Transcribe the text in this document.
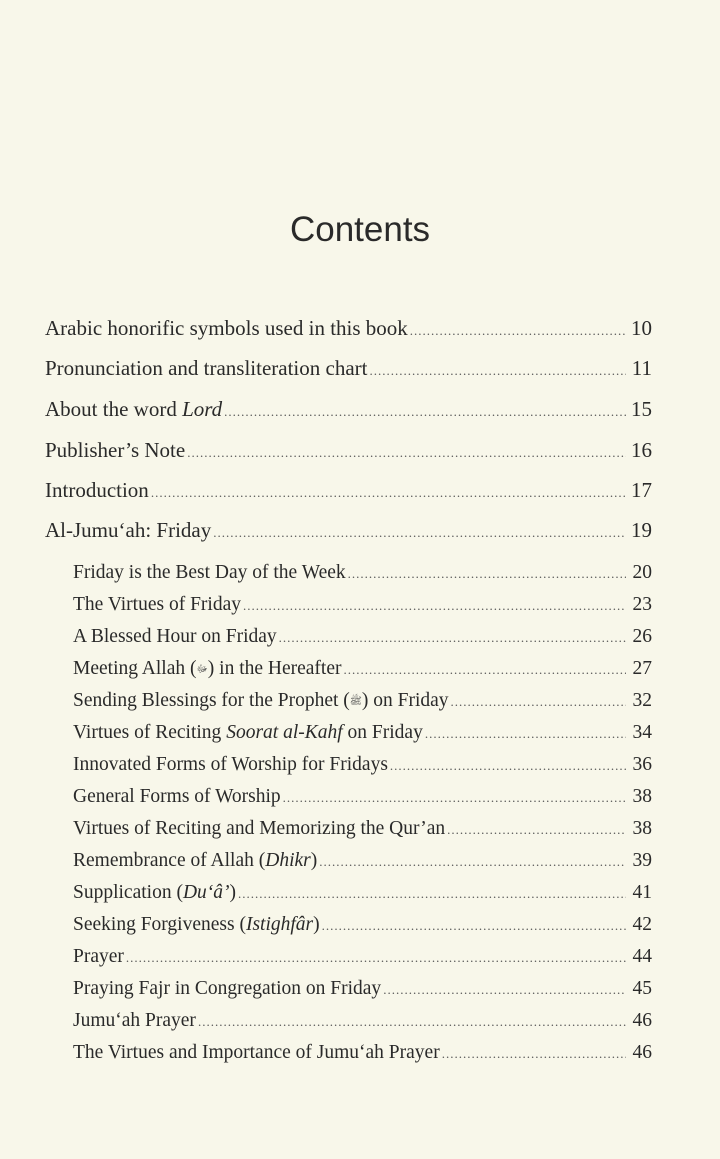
Contents
Arabic honorific symbols used in this book .....	10
Pronunciation and transliteration chart .....	11
About the word Lord .....	15
Publisher’s Note .....	16
Introduction .....	17
Al-Jumu‘ah: Friday .....	19
Friday is the Best Day of the Week .....	20
The Virtues of Friday .....	23
A Blessed Hour on Friday .....	26
Meeting Allah (ﷻ) in the Hereafter .....	27
Sending Blessings for the Prophet (ﷺ) on Friday .....	32
Virtues of Reciting Soorat al-Kahf on Friday .....	34
Innovated Forms of Worship for Fridays .....	36
General Forms of Worship .....	38
Virtues of Reciting and Memorizing the Qur’an .....	38
Remembrance of Allah (Dhikr) .....	39
Supplication (Du‘â’) .....	41
Seeking Forgiveness (Istighfâr) .....	42
Prayer .....	44
Praying Fajr in Congregation on Friday .....	45
Jumu‘ah Prayer .....	46
The Virtues and Importance of Jumu‘ah Prayer .....	46
